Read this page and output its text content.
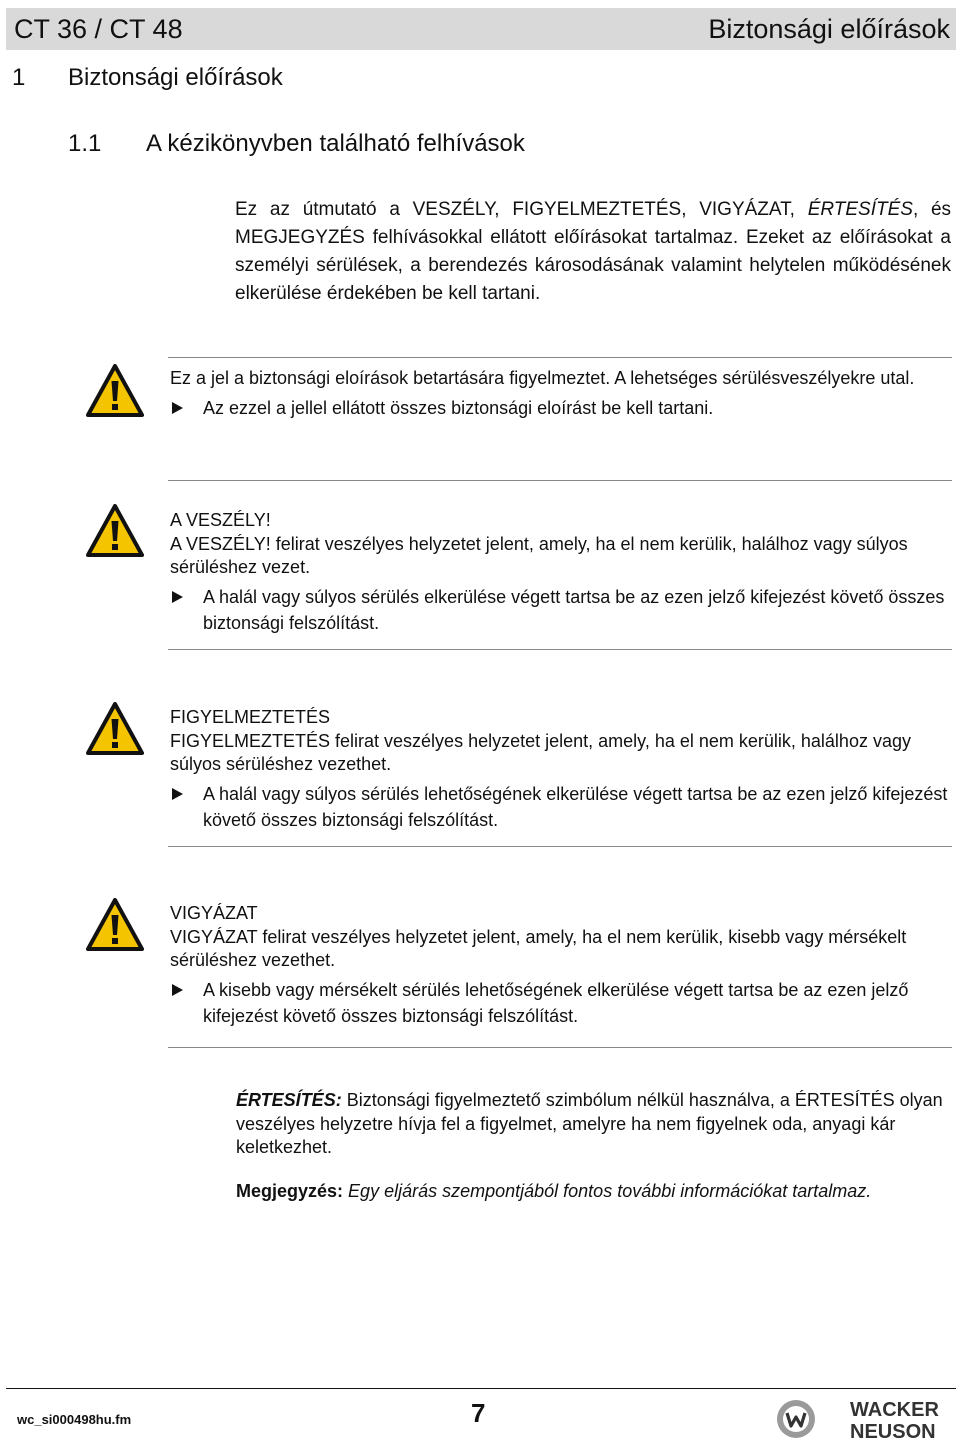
CT 36 / CT 48	Biztonsági előírások
1 Biztonsági előírások
1.1 A kézikönyvben található felhívások

Ez az útmutató a VESZÉLY, FIGYELMEZTETÉS, VIGYÁZAT, ÉRTESÍTÉS, és MEGJEGYZÉS felhívásokkal ellátott előírásokat tartalmaz. Ezeket az előírásokat a személyi sérülések, a berendezés károsodásának valamint helytelen működésének elkerülése érdekében be kell tartani.

Ez a jel a biztonsági eloírások betartására figyelmeztet. A lehetséges sérülésveszélyekre utal.

Az ezzel a jellel ellátott összes biztonsági eloírást be kell tartani.

A VESZÉLY!

A VESZÉLY! felirat veszélyes helyzetet jelent, amely, ha el nem kerülik, halálhoz vagy súlyos sérüléshez vezet.

A halál vagy súlyos sérülés elkerülése végett tartsa be az ezen jelző kifejezést követő összes biztonsági felszólítást.

FIGYELMEZTETÉS

FIGYELMEZTETÉS felirat veszélyes helyzetet jelent, amely, ha el nem kerülik, halálhoz vagy súlyos sérüléshez vezethet.

A halál vagy súlyos sérülés lehetőségének elkerülése végett tartsa be az ezen jelző kifejezést követő összes biztonsági felszólítást.

VIGYÁZAT

VIGYÁZAT felirat veszélyes helyzetet jelent, amely, ha el nem kerülik, kisebb vagy mérsékelt sérüléshez vezethet.

A kisebb vagy mérsékelt sérülés lehetőségének elkerülése végett tartsa be az ezen jelző kifejezést követő összes biztonsági felszólítást.

ÉRTESÍTÉS: Biztonsági figyelmeztető szimbólum nélkül használva, a ÉRTESÍTÉS olyan veszélyes helyzetre hívja fel a figyelmet, amelyre ha nem figyelnek oda, anyagi kár keletkezhet.

Megjegyzés: Egy eljárás szempontjából fontos további információkat tartalmaz.

wc_si000498hu.fm	7	WACKER
NEUSON
